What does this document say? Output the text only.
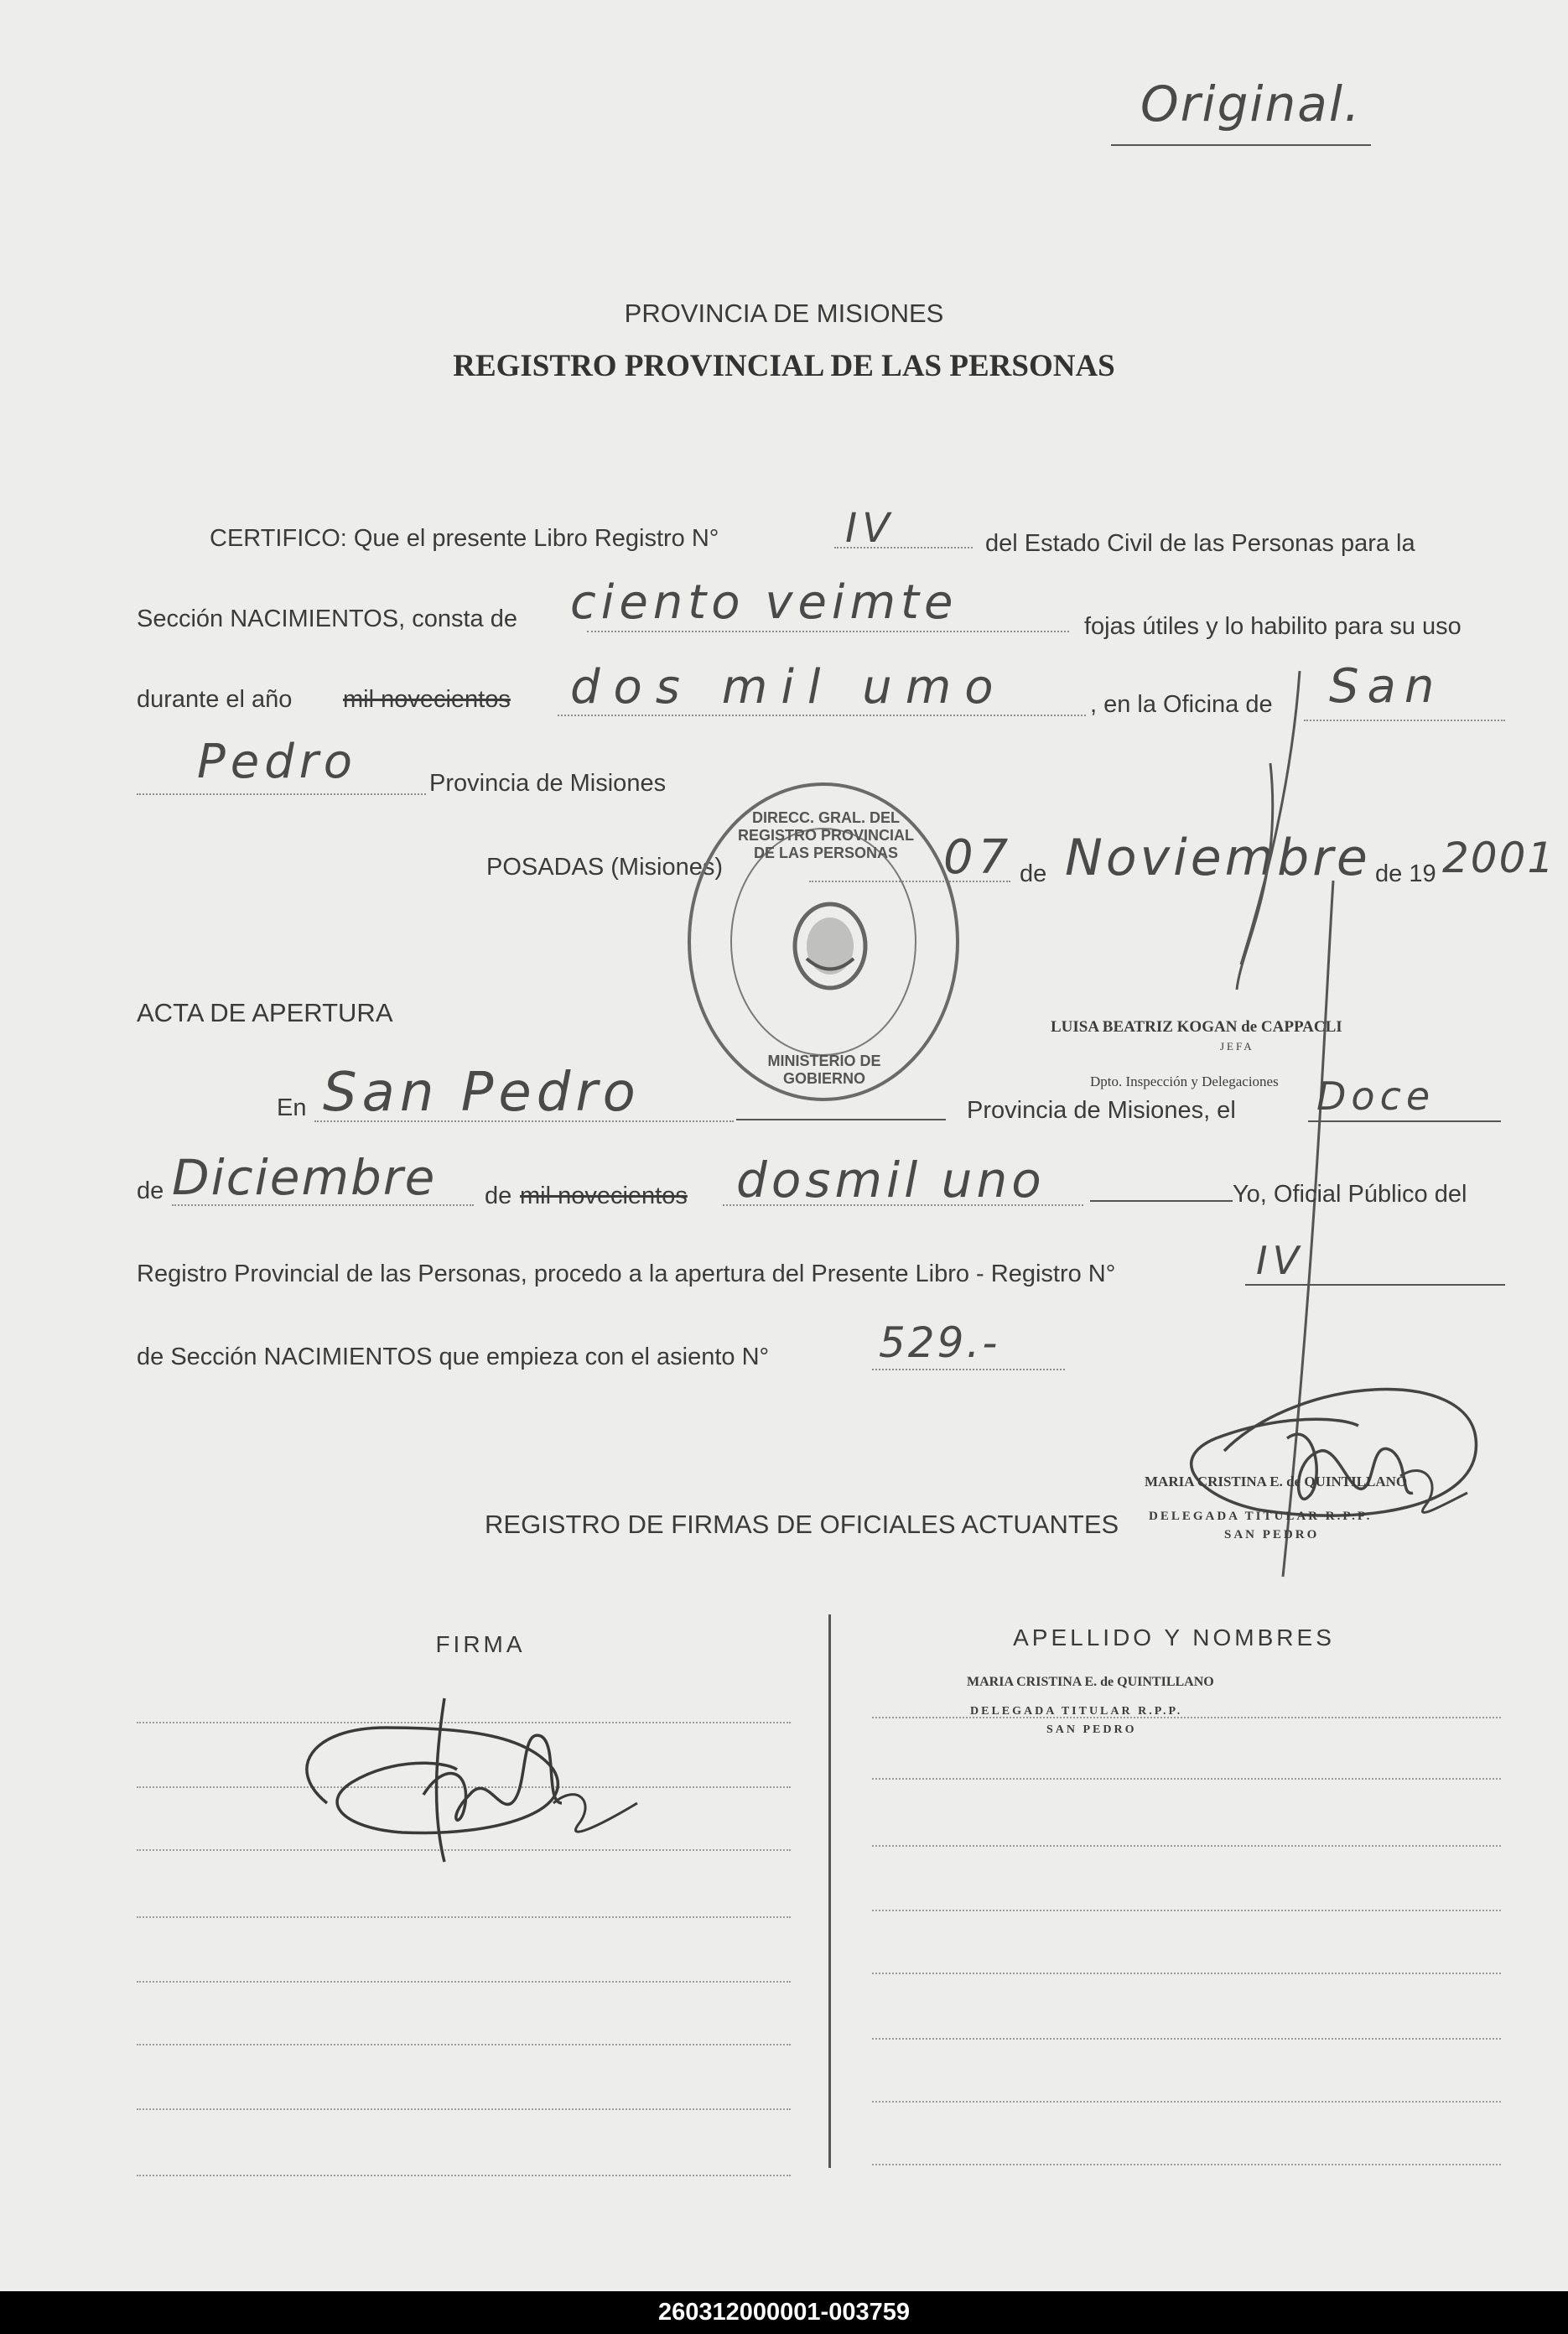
Original.
PROVINCIA DE MISIONES
REGISTRO PROVINCIAL DE LAS PERSONAS
CERTIFICO: Que el presente Libro Registro N°	IV	del Estado Civil de las Personas para la
Sección NACIMIENTOS, consta de ciento veimte	fojas útiles y lo habilito para su uso
durante el año mil novecientos dos mil umo	, en la Oficina de San
Pedro	Provincia de Misiones
POSADAS (Misiones)	07 de Noviembre de 19 2001
DIRECC. GRAL. DEL REGISTRO PROVINCIAL DE LAS PERSONAS
MINISTERIO DE GOBIERNO
LUISA BEATRIZ KOGAN de CAPPACLI
JEFA
Dpto. Inspección y Delegaciones
ACTA DE APERTURA
En San Pedro	Provincia de Misiones, el Doce
de Diciembre de mil novecientos dosmil uno	Yo, Oficial Público del
Registro Provincial de las Personas, procedo a la apertura del Presente Libro - Registro N°	IV
de Sección NACIMIENTOS que empieza con el asiento N°	529.-
MARIA CRISTINA E. de QUINTILLANO
DELEGADA TITULAR R.P.P.
SAN PEDRO
REGISTRO DE FIRMAS DE OFICIALES ACTUANTES
FIRMA	APELLIDO Y NOMBRES
MARIA CRISTINA E. de QUINTILLANO
DELEGADA TITULAR R.P.P.
SAN PEDRO
260312000001-003759
